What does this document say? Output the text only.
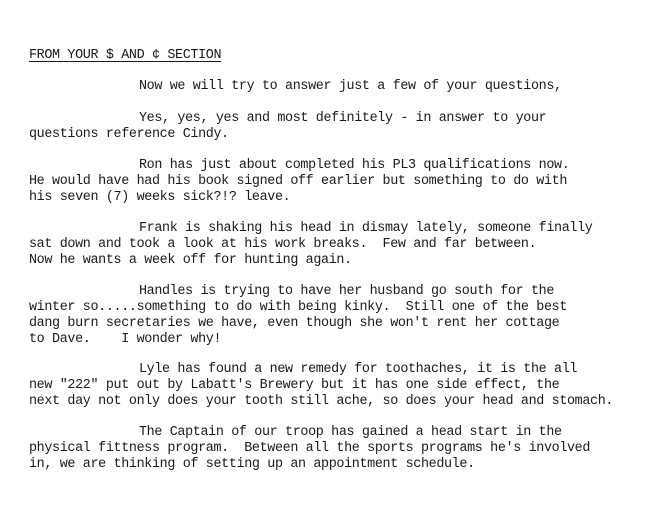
FROM YOUR $ AND ¢ SECTION
Now we will try to answer just a few of your questions,
Yes, yes, yes and most definitely - in answer to your
questions reference Cindy.
Ron has just about completed his PL3 qualifications now.
He would have had his book signed off earlier but something to do with
his seven (7) weeks sick?!? leave.
Frank is shaking his head in dismay lately, someone finally
sat down and took a look at his work breaks.  Few and far between.
Now he wants a week off for hunting again.
Handles is trying to have her husband go south for the
winter so.....something to do with being kinky.  Still one of the best
dang burn secretaries we have, even though she won't rent her cottage
to Dave.    I wonder why!
Lyle has found a new remedy for toothaches, it is the all
new "222" put out by Labatt's Brewery but it has one side effect, the
next day not only does your tooth still ache, so does your head and stomach.
The Captain of our troop has gained a head start in the
physical fittness program.  Between all the sports programs he's involved
in, we are thinking of setting up an appointment schedule.
